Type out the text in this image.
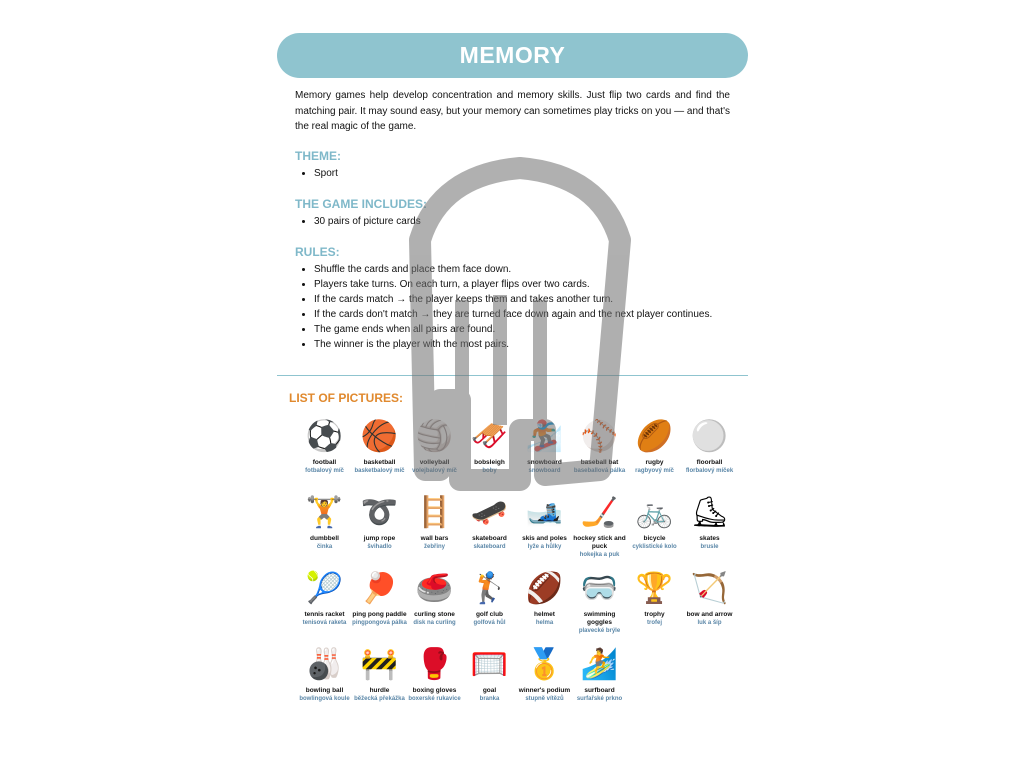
MEMORY
Memory games help develop concentration and memory skills. Just flip two cards and find the matching pair. It may sound easy, but your memory can sometimes play tricks on you — and that's the real magic of the game.
THEME:
• Sport
THE GAME INCLUDES:
• 30 pairs of picture cards
RULES:
• Shuffle the cards and place them face down.
• Players take turns. On each turn, a player flips over two cards.
• If the cards match → the player keeps them and takes another turn.
• If the cards don't match → they are turned face down again and the next player continues.
• The game ends when all pairs are found.
• The winner is the player with the most pairs.
LIST OF PICTURES:
⚽
football
fotbalový míč
🏀
basketball
basketbalový míč
🏐
volleyball
volejbalový míč
🛷
bobsleigh
boby
🏂
snowboard
snowboard
⚾
baseball bat
baseballová pálka
🏉
rugby
ragbyový míč
⚪
floorball
florbalový míček
🏋
dumbbell
činka
➰
jump rope
švihadlo
🪜
wall bars
žebřiny
🛹
skateboard
skateboard
🎿
skis and poles
lyže a hůlky
🏒
hockey stick and puck
hokejka a puk
🚲
bicycle
cyklistické kolo
⛸
skates
brusle
🎾
tennis racket
tenisová raketa
🏓
ping pong paddle
pingpongová pálka
🥌
curling stone
disk na curling
🏌
golf club
golfová hůl
🏈
helmet
helma
🥽
swimming goggles
plavecké brýle
🏆
trophy
trofej
🏹
bow and arrow
luk a šíp
🎳
bowling ball
bowlingová koule
🚧
hurdle
běžecká překážka
🥊
boxing gloves
boxerské rukavice
🥅
goal
branka
🥇
winner's podium
stupně vítězů
🏄
surfboard
surfařské prkno
